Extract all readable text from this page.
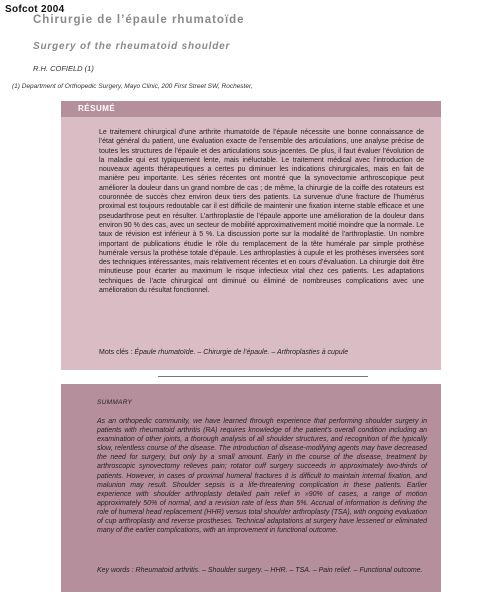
Sofcot 2004
Chirurgie de l’épaule rhumatoïde
Surgery of the rheumatoid shoulder
R.H. COFIELD (1)
(1) Department of Orthopedic Surgery, Mayo Clinic, 200 First Street SW, Rochester,
RÉSUMÉ
Le traitement chirurgical d’une arthrite rhumatoïde de l’épaule nécessite une bonne connaissance de l’état général du patient, une évaluation exacte de l’ensemble des articulations, une analyse précise de toutes les structures de l’épaule et des articulations sous-jacentes. De plus, il faut évaluer l’évolution de la maladie qui est typiquement lente, mais inéluctable. Le traitement médical avec l’introduction de nouveaux agents thérapeutiques a certes pu diminuer les indications chirurgicales, mais en fait de manière peu importante. Les séries récentes ont montré que la synovectomie arthroscopique peut améliorer la douleur dans un grand nombre de cas ; de même, la chirurgie de la coiffe des rotateurs est couronnée de succès chez environ deux tiers des patients. La survenue d’une fracture de l’humérus proximal est toujours redoutable car il est difficile de maintenir une fixation interne stable efficace et une pseudarthrose peut en résulter. L’arthroplastie de l’épaule apporte une amélioration de la douleur dans environ 90 % des cas, avec un secteur de mobilité approximativement moitié moindre que la normale. Le taux de révision est inférieur à 5 %. La discussion porte sur la modalité de l’arthroplastie. Un nombre important de publications étudie le rôle du remplacement de la tête humérale par simple prothèse humérale versus la prothèse totale d’épaule. Les arthroplasties à cupule et les prothèses inversées sont des techniques intéressantes, mais relativement récentes et en cours d’évaluation. La chirurgie doit être minutieuse pour écarter au maximum le risque infectieux vital chez ces patients. Les adaptations techniques de l’acte chirurgical ont diminué ou éliminé de nombreuses complications avec une amélioration du résultat fonctionnel.
Mots clés : Épaule rhumatoïde. – Chirurgie de l’épaule. – Arthroplasties à cupule
SUMMARY
As an orthopedic community, we have learned through experience that performing shoulder surgery in patients with rheumatoid arthritis (RA) requires knowledge of the patient’s overall condition including an examination of other joints, a thorough analysis of all shoulder structures, and recognition of the typically slow, relentless course of the disease. The introduction of disease-modifying agents may have decreased the need for surgery, but only by a small amount. Early in the course of the disease, treatment by arthroscopic synovectomy relieves pain; rotator cuff surgery succeeds in approximately two-thirds of patients. However, in cases of proximal humeral fractures it is difficult to maintain internal fixation, and malunion may result. Shoulder sepsis is a life-threatening complication in these patients. Earlier experience with shoulder arthroplasty detailed pain relief in »90% of cases, a range of motion approximately 50% of normal, and a revision rate of less than 5%. Accrual of information is defining the role of humeral head replacement (HHR) versus total shoulder arthroplasty (TSA), with ongoing evaluation of cup arthroplasty and reverse prostheses. Technical adaptations at surgery have lessened or eliminated many of the earlier complications, with an improvement in functional outcome.
Key words : Rheumatoid arthritis. – Shoulder surgery. – HHR. – TSA. – Pain relief. – Functional outcome.
